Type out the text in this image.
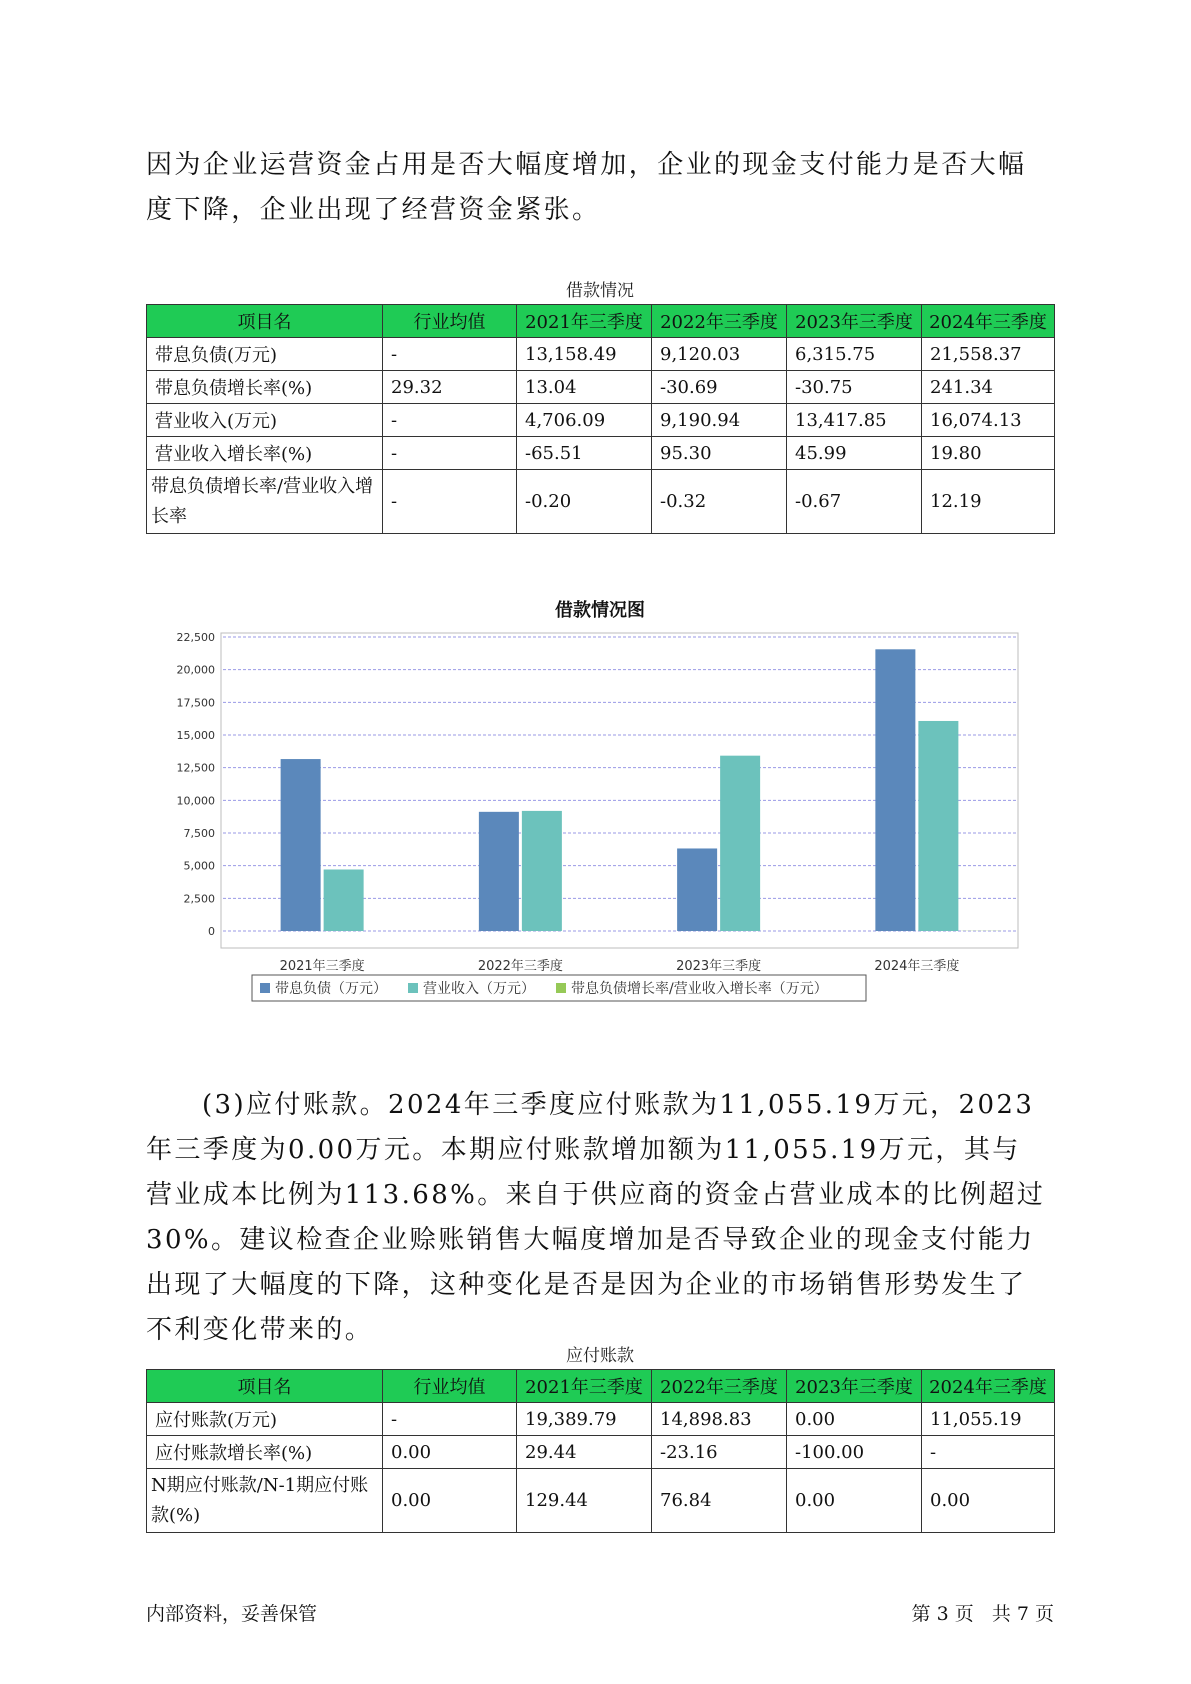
因为企业运营资金占用是否大幅度增加，企业的现金支付能力是否大幅度下降，企业出现了经营资金紧张。
借款情况
项目名	行业均值	2021年三季度	2022年三季度	2023年三季度	2024年三季度
带息负债(万元)	-	13,158.49	9,120.03	6,315.75	21,558.37
带息负债增长率(%)	29.32	13.04	-30.69	-30.75	241.34
营业收入(万元)	-	4,706.09	9,190.94	13,417.85	16,074.13
营业收入增长率(%)	-	-65.51	95.30	45.99	19.80
带息负债增长率/营业收入增长率	-	-0.20	-0.32	-0.67	12.19
借款情况图
0
2,500
5,000
7,500
10,000
12,500
15,000
17,500
20,000
22,500
2021年三季度	2022年三季度	2023年三季度	2024年三季度
带息负债（万元）	营业收入（万元）	带息负债增长率/营业收入增长率（万元）
(3)应付账款。2024年三季度应付账款为11,055.19万元，2023年三季度为0.00万元。本期应付账款增加额为11,055.19万元，其与营业成本比例为113.68%。来自于供应商的资金占营业成本的比例超过30%。建议检查企业赊账销售大幅度增加是否导致企业的现金支付能力出现了大幅度的下降，这种变化是否是因为企业的市场销售形势发生了不利变化带来的。
应付账款
项目名	行业均值	2021年三季度	2022年三季度	2023年三季度	2024年三季度
应付账款(万元)	-	19,389.79	14,898.83	0.00	11,055.19
应付账款增长率(%)	0.00	29.44	-23.16	-100.00	-
N期应付账款/N-1期应付账款(%)	0.00	129.44	76.84	0.00	0.00
内部资料，妥善保管	第 3 页   共 7 页
